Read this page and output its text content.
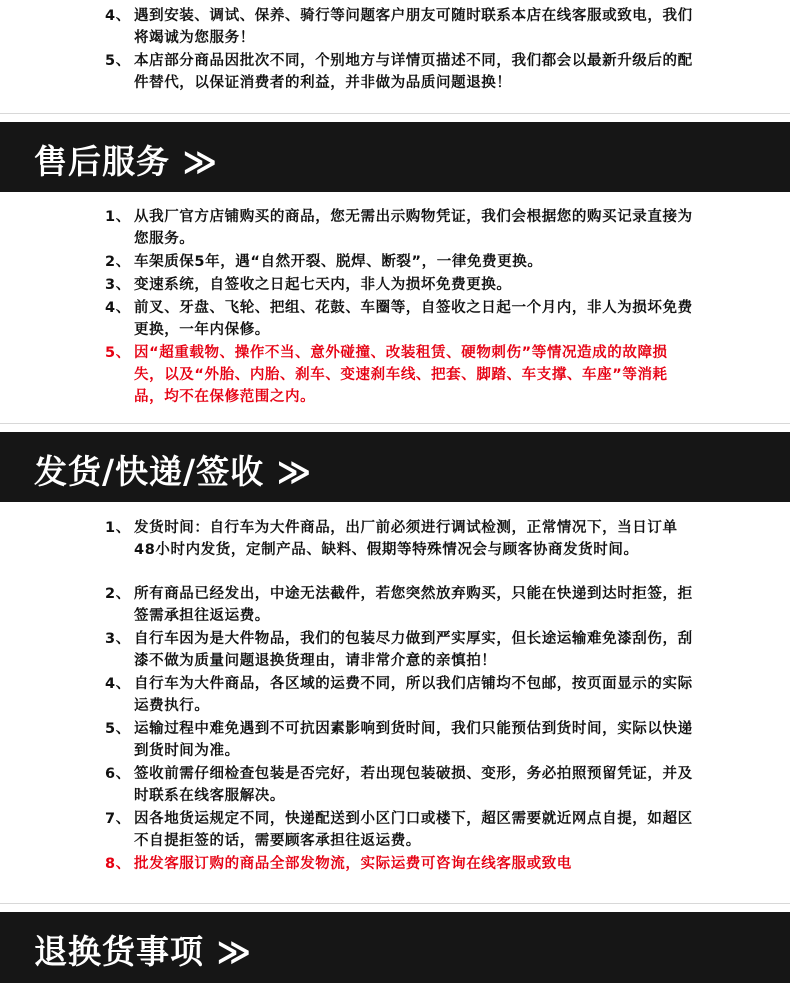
4、 遇到安装、调试、保养、骑行等问题客户朋友可随时联系本店在线客服或致电，我们将竭诚为您服务！
5、 本店部分商品因批次不同，个别地方与详情页描述不同，我们都会以最新升级后的配件替代，以保证消费者的利益，并非做为品质问题退换！
售后服务 ≫
1、 从我厂官方店铺购买的商品，您无需出示购物凭证，我们会根据您的购买记录直接为您服务。
2、 车架质保5年，遇“自然开裂、脱焊、断裂”，一律免费更换。
3、 变速系统，自签收之日起七天内，非人为损坏免费更换。
4、 前叉、牙盘、飞轮、把组、花鼓、车圈等，自签收之日起一个月内，非人为损坏免费更换，一年内保修。
5、 因“超重载物、操作不当、意外碰撞、改装租赁、硬物刺伤”等情况造成的故障损失，以及“外胎、内胎、刹车、变速刹车线、把套、脚踏、车支撑、车座”等消耗品，均不在保修范围之内。
发货/快递/签收 ≫
1、 发货时间：自行车为大件商品，出厂前必须进行调试检测，正常情况下，当日订单48小时内发货，定制产品、缺料、假期等特殊情况会与顾客协商发货时间。
2、 所有商品已经发出，中途无法截件，若您突然放弃购买，只能在快递到达时拒签，拒签需承担往返运费。
3、 自行车因为是大件物品，我们的包装尽力做到严实厚实，但长途运输难免漆刮伤，刮漆不做为质量问题退换货理由，请非常介意的亲慎拍！
4、 自行车为大件商品，各区域的运费不同，所以我们店铺均不包邮，按页面显示的实际运费执行。
5、 运输过程中难免遇到不可抗因素影响到货时间，我们只能预估到货时间，实际以快递到货时间为准。
6、 签收前需仔细检查包装是否完好，若出现包装破损、变形，务必拍照预留凭证，并及时联系在线客服解决。
7、 因各地货运规定不同，快递配送到小区门口或楼下，超区需要就近网点自提，如超区不自提拒签的话，需要顾客承担往返运费。
8、 批发客服订购的商品全部发物流，实际运费可咨询在线客服或致电
退换货事项 ≫
